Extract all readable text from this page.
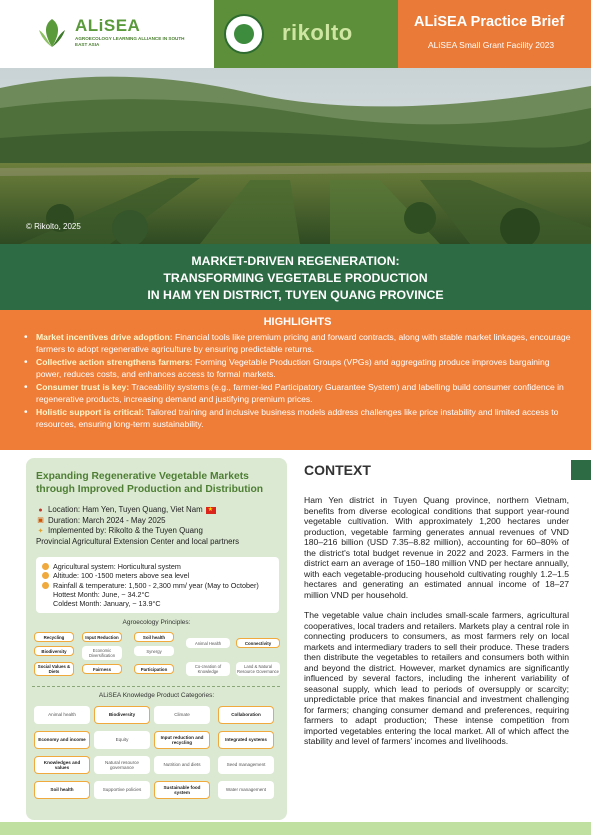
ALiSEA
AGROECOLOGY LEARNING ALLIANCE IN SOUTH EAST ASIA	rikolto	ALiSEA Practice Brief
ALiSEA Small Grant Facility 2023
© Rikolto, 2025
MARKET-DRIVEN REGENERATION:
TRANSFORMING VEGETABLE PRODUCTION
IN HAM YEN DISTRICT, TUYEN QUANG PROVINCE
HIGHLIGHTS
• Market incentives drive adoption: Financial tools like premium pricing and forward contracts, along with stable market linkages, encourage farmers to adopt regenerative agriculture by ensuring predictable returns.
• Collective action strengthens farmers: Forming Vegetable Production Groups (VPGs) and aggregating produce improves bargaining power, reduces costs, and enhances access to formal markets.
• Consumer trust is key: Traceability systems (e.g., farmer-led Participatory Guarantee System) and labelling build consumer confidence in regenerative products, increasing demand and justifying premium prices.
• Holistic support is critical: Tailored training and inclusive business models address challenges like price instability and limited access to resources, ensuring long-term sustainability.
Expanding Regenerative Vegetable Markets through Improved Production and Distribution
● Location: Ham Yen, Tuyen Quang, Viet Nam
★
▣ Duration: March 2024 - May 2025
✦ Implemented by: Rikolto & the Tuyen Quang
Provincial Agricultural Extension Center and local partners
Agricultural system: Horticultural system
Altitude: 100 -1500 meters above sea level
Rainfall & temperature: 1,500 - 2,300 mm/ year (May to October)
Hottest Month: June, ~ 34.2°C
Coldest Month: January, ~ 13.9°C
Agroecology Principles:
ALiSEA Knowledge Product Categories:
Recycling	Input Reduction	Soil health
Biodiversity	Economic Diversification
Synergy
Animal Health	Connectivity
Social Values & Diets	Fairness	Participation	Co-creation of Knowledge
Land & Natural Resource Governance
Animal health	Biodiversity	Climate	Collaboration
Economy and income	Equity
Input reduction and recycling
Integrated systems
Knowledges and values
Natural resource governance
Nutrition and diets	Seed management
Soil health	Supportive policies
Sustainable food system
Water management
CONTEXT

Ham Yen district in Tuyen Quang province, northern Vietnam, benefits from diverse ecological conditions that support year-round vegetable cultivation. With approximately 1,200 hectares under production, vegetable farming generates annual revenues of VND 180–216 billion (USD 7.35–8.82 million), accounting for 60–80% of the district's total budget revenue in 2022 and 2023. Farmers in the district earn an average of 150–180 million VND per hectare annually, with each vegetable-producing household cultivating roughly 1.2–1.5 hectares and generating an estimated annual income of 18–27 million VND per household.

The vegetable value chain includes small-scale farmers, agricultural cooperatives, local traders and retailers. Markets play a central role in connecting producers to consumers, as most farmers rely on local markets and intermediary traders to sell their produce. These traders then distribute the vegetables to retailers and consumers both within and beyond the district. However, market dynamics are significantly influenced by several factors, including the inherent variability of seasonal supply, which lead to periods of oversupply or scarcity; unpredictable price that makes financial and investment challenging for farmers; changing consumer demand and preferences, requiring farmers to adapt production; These intense competition from imported vegetables entering the local market. All of which affect the stability and level of farmers' incomes and livelihoods.
